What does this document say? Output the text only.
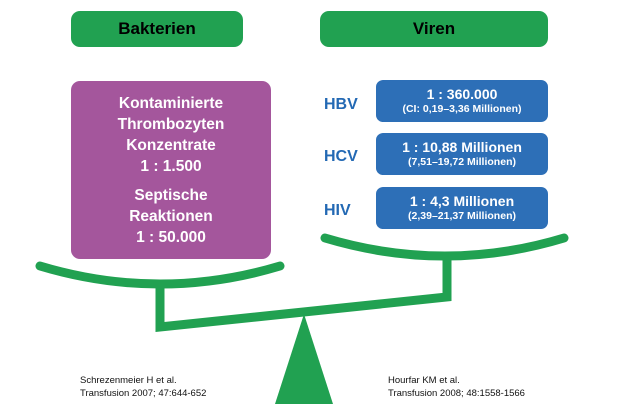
Bakterien	Viren
Kontaminierte
Thrombozyten
Konzentrate
1 : 1.500
Septische
Reaktionen
1 : 50.000
HBV
1 : 360.000
(CI: 0,19–3,36 Millionen)
HCV
1 : 10,88 Millionen
(7,51–19,72 Millionen)
HIV
1 : 4,3 Millionen
(2,39–21,37 Millionen)
Schrezenmeier H et al.
Transfusion 2007; 47:644-652
Hourfar KM et al.
Transfusion 2008; 48:1558-1566
